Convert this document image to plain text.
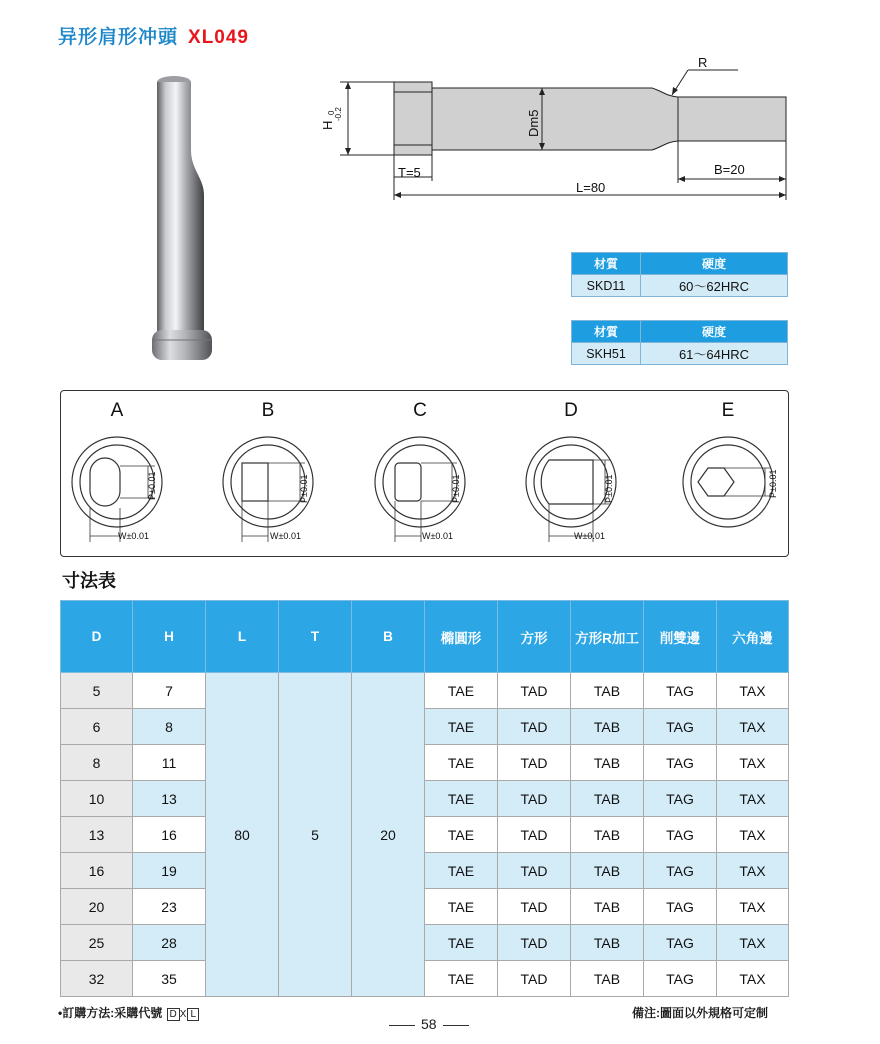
异形肩形冲頭 XL049
H
0
-0.2	Dm5
R
T=5	B=20
L=80
材質	硬度
SKD11	60～62HRC
材質	硬度
SKH51	61～64HRC
A	B	C	D	E
P±0.01
W±0.01
P±0.01
W±0.01
P±0.01
W±0.01
P±0.01
W±0.01
P±0.01
寸法表
D	H	L	T	B	橢圓形	方形	方形R加工	削雙邊	六角邊
5	7	80	5	20	TAE	TAD	TAB	TAG	TAX
6	8				TAE	TAD	TAB	TAG	TAX
8	11				TAE	TAD	TAB	TAG	TAX
10	13				TAE	TAD	TAB	TAG	TAX
13	16				TAE	TAD	TAB	TAG	TAX
16	19				TAE	TAD	TAB	TAG	TAX
20	23				TAE	TAD	TAB	TAG	TAX
25	28				TAE	TAD	TAB	TAG	TAX
32	35				TAE	TAD	TAB	TAG	TAX
•訂購方法:采購代號 D X L	備注:圖面以外規格可定制
58
